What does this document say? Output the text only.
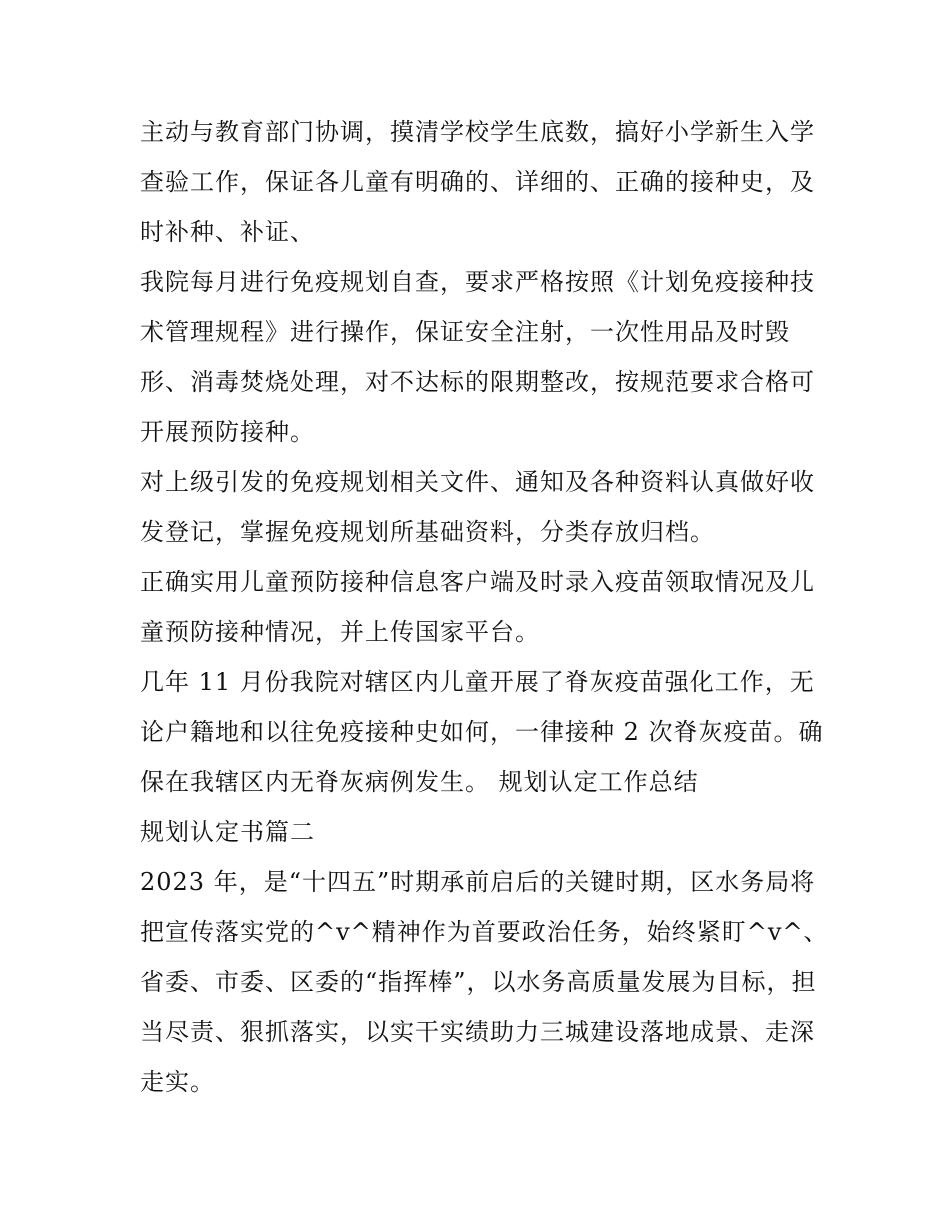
主动与教育部门协调，摸清学校学生底数，搞好小学新生入学
查验工作，保证各儿童有明确的、详细的、正确的接种史，及
时补种、补证、
我院每月进行免疫规划自查，要求严格按照《计划免疫接种技
术管理规程》进行操作，保证安全注射，一次性用品及时毁
形、消毒焚烧处理，对不达标的限期整改，按规范要求合格可
开展预防接种。
对上级引发的免疫规划相关文件、通知及各种资料认真做好收
发登记，掌握免疫规划所基础资料，分类存放归档。
正确实用儿童预防接种信息客户端及时录入疫苗领取情况及儿
童预防接种情况，并上传国家平台。
几年 11 月份我院对辖区内儿童开展了脊灰疫苗强化工作，无
论户籍地和以往免疫接种史如何，一律接种 2 次脊灰疫苗。确
保在我辖区内无脊灰病例发生。 规划认定工作总结
规划认定书篇二
2023 年，是“十四五”时期承前启后的关键时期，区水务局将
把宣传落实党的^v^精神作为首要政治任务，始终紧盯^v^、
省委、市委、区委的“指挥棒”，以水务高质量发展为目标，担
当尽责、狠抓落实，以实干实绩助力三城建设落地成景、走深
走实。
